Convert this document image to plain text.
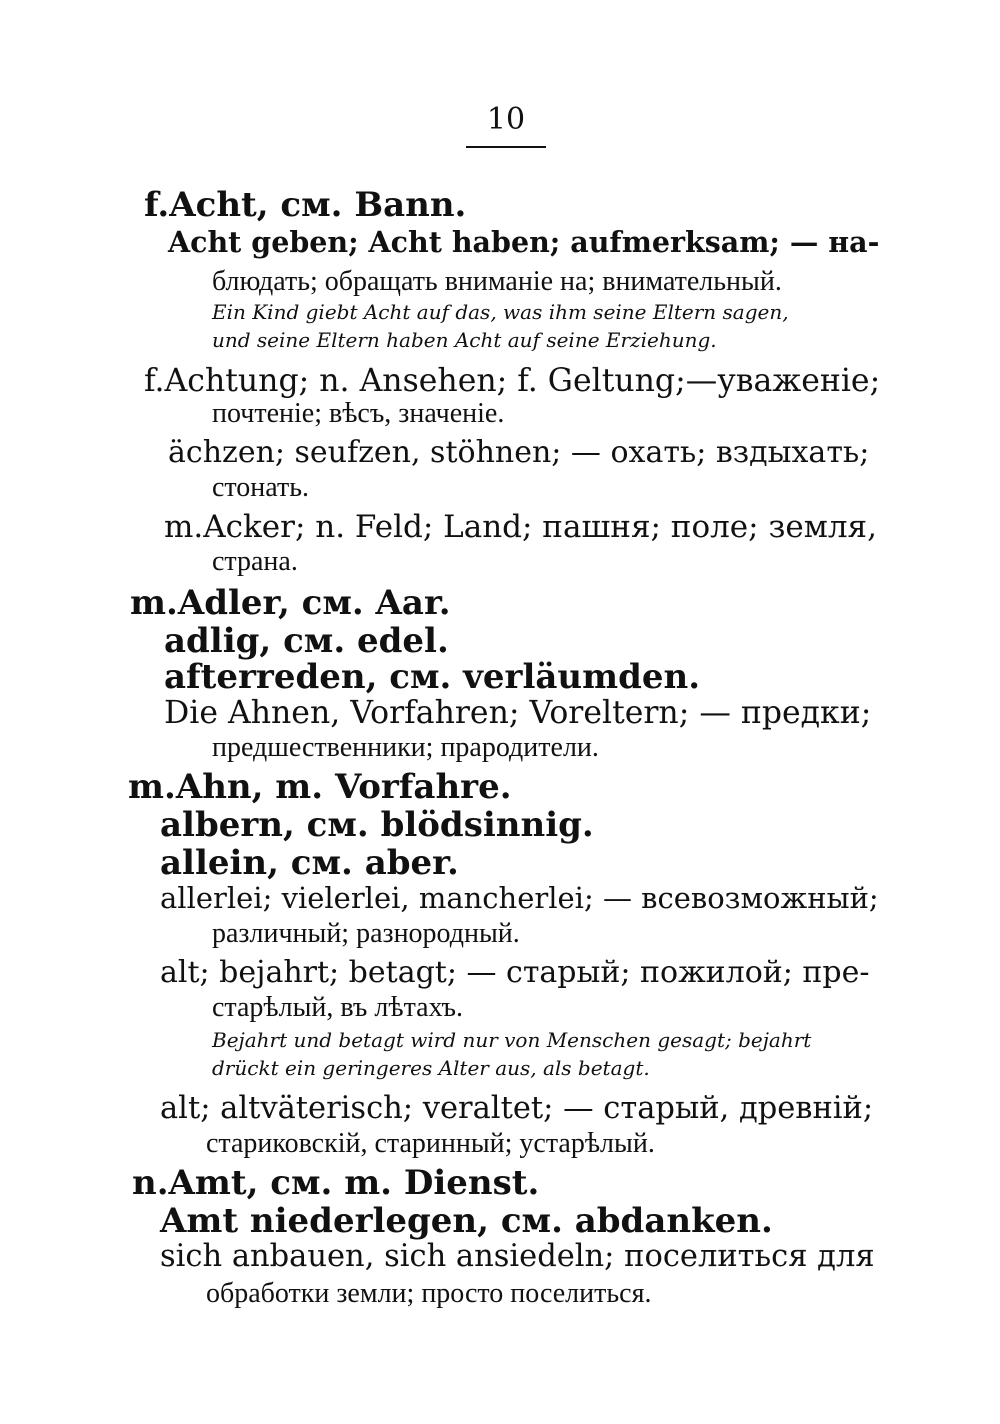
10
f.Acht, см. Bann.
Acht geben; Acht haben; aufmerksam; — на-
блюдать; обращать вниманіе на; внимательный.
Ein Kind giebt Acht auf das, was ihm seine Eltern sagen,
und seine Eltern haben Acht auf seine Erziehung.
f.Achtung; n. Ansehen; f. Geltung;—уваженіе;
почтеніе; вѣсъ, значеніе.
ächzen; seufzen, stöhnen; — охать; вздыхать;
стонать.
m.Acker; n. Feld; Land; пашня; поле; земля,
страна.
m.Adler, см. Aar.
adlig, см. edel.
afterreden, см. verläumden.
Die Ahnen, Vorfahren; Voreltern; — предки;
предшественники; прародители.
m.Ahn, m. Vorfahre.
albern, см. blödsinnig.
allein, см. aber.
allerlei; vielerlei, mancherlei; — всевозможный;
различный; разнородный.
alt; bejahrt; betagt; — старый; пожилой; пре-
старѣлый, въ лѣтахъ.
Bejahrt und betagt wird nur von Menschen gesagt; bejahrt
drückt ein geringeres Alter aus, als betagt.
alt; altväterisch; veraltet; — старый, древній;
стариковскій, старинный; устарѣлый.
n.Amt, см. m. Dienst.
Amt niederlegen, см. abdanken.
sich anbauen, sich ansiedeln; поселиться для
обработки земли; просто поселиться.
